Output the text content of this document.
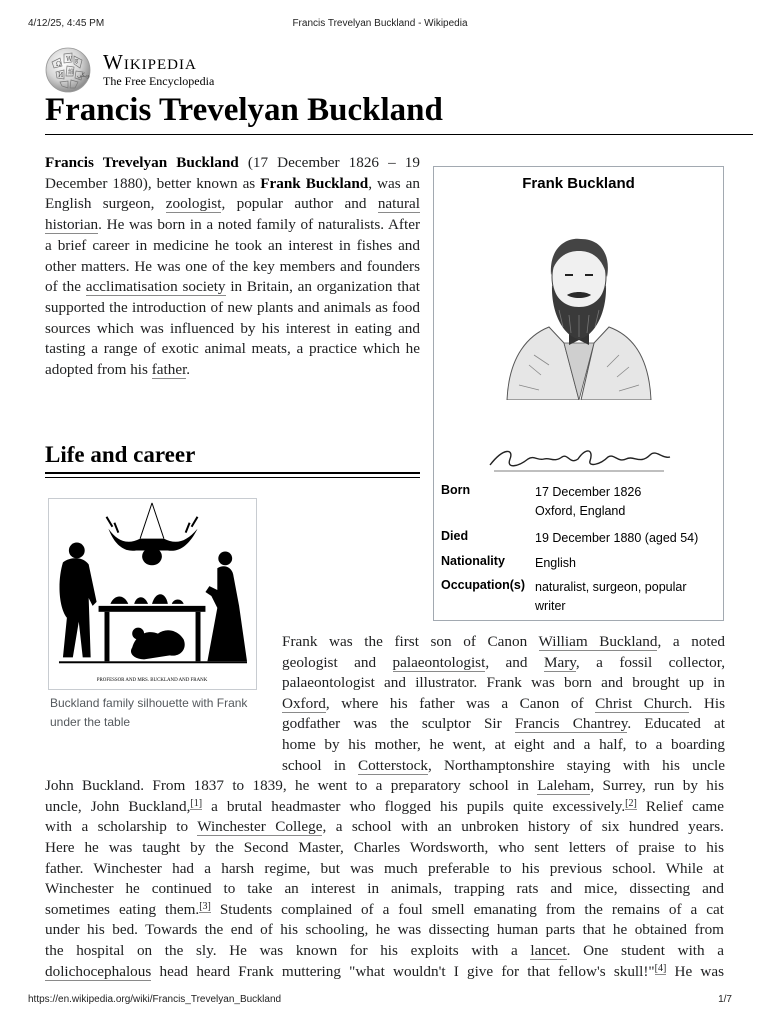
4/12/25, 4:45 PM	Francis Trevelyan Buckland - Wikipedia
Ω
W ह
И 維 ويكي
Wikipedia
The Free Encyclopedia
Francis Trevelyan Buckland

Francis Trevelyan Buckland (17 December 1826 – 19 December 1880), better known as Frank Buckland, was an English surgeon, zoologist, popular author and natural historian. He was born in a noted family of naturalists. After a brief career in medicine he took an interest in fishes and other matters. He was one of the key members and founders of the acclimatisation society in Britain, an organization that supported the introduction of new plants and animals as food sources which was influenced by his interest in eating and tasting a range of exotic animal meats, a practice which he adopted from his father.

Life and career
Frank Buckland
Born	17 December 1826
Oxford, England
Died	19 December 1880 (aged 54)
Nationality English
Occupation(s) naturalist, surgeon, popular
writer
PROFESSOR AND MRS. BUCKLAND AND FRANK
Buckland family silhouette with Frank under the table

Frank was the first son of Canon William Buckland, a noted

geologist and palaeontologist, and Mary, a fossil collector,

palaeontologist and illustrator. Frank was born and brought up in

Oxford, where his father was a Canon of Christ Church. His

godfather was the sculptor Sir Francis Chantrey. Educated at

home by his mother, he went, at eight and a half, to a boarding

school in Cotterstock, Northamptonshire staying with his uncle

John Buckland. From 1837 to 1839, he went to a preparatory school in Laleham, Surrey, run by his

uncle, John Buckland,[1] a brutal headmaster who flogged his pupils quite excessively.[2] Relief came

with a scholarship to Winchester College, a school with an unbroken history of six hundred years.

Here he was taught by the Second Master, Charles Wordsworth, who sent letters of praise to his

father. Winchester had a harsh regime, but was much preferable to his previous school. While at

Winchester he continued to take an interest in animals, trapping rats and mice, dissecting and

sometimes eating them.[3] Students complained of a foul smell emanating from the remains of a cat

under his bed. Towards the end of his schooling, he was dissecting human parts that he obtained from

the hospital on the sly. He was known for his exploits with a lancet. One student with a

dolichocephalous head heard Frank muttering "what wouldn't I give for that fellow's skull!"[4] He was

https://en.wikipedia.org/wiki/Francis_Trevelyan_Buckland	1/7
